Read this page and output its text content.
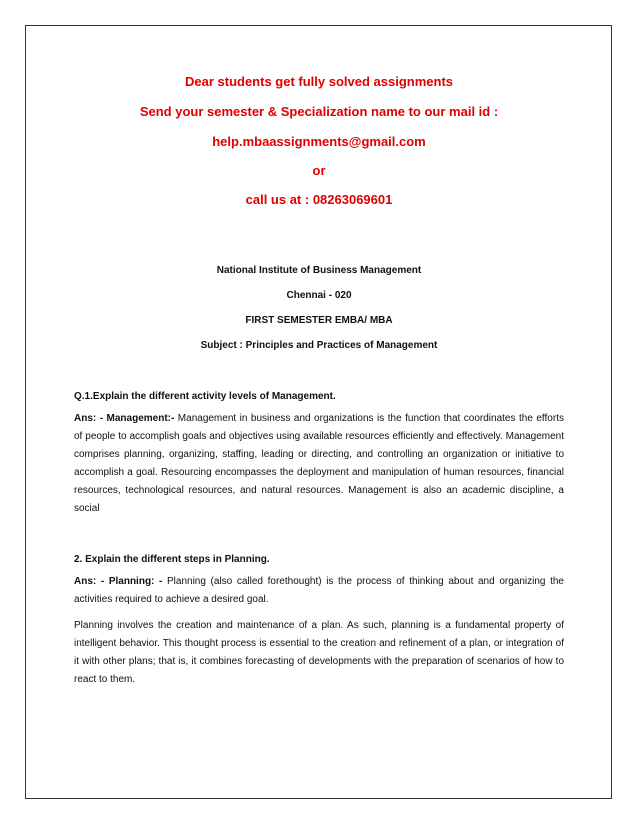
Dear students get fully solved assignments

Send your semester & Specialization name to our mail id :

help.mbaassignments@gmail.com

or

call us at : 08263069601

National Institute of Business Management

Chennai - 020

FIRST SEMESTER EMBA/ MBA

Subject : Principles and Practices of Management

Q.1.Explain the different activity levels of Management.

Ans: - Management:- Management in business and organizations is the function that coordinates the efforts of people to accomplish goals and objectives using available resources efficiently and effectively. Management comprises planning, organizing, staffing, leading or directing, and controlling an organization or initiative to accomplish a goal. Resourcing encompasses the deployment and manipulation of human resources, financial resources, technological resources, and natural resources. Management is also an academic discipline, a social

2. Explain the different steps in Planning.

Ans: - Planning: - Planning (also called forethought) is the process of thinking about and organizing the activities required to achieve a desired goal.

Planning involves the creation and maintenance of a plan. As such, planning is a fundamental property of intelligent behavior. This thought process is essential to the creation and refinement of a plan, or integration of it with other plans; that is, it combines forecasting of developments with the preparation of scenarios of how to react to them.
